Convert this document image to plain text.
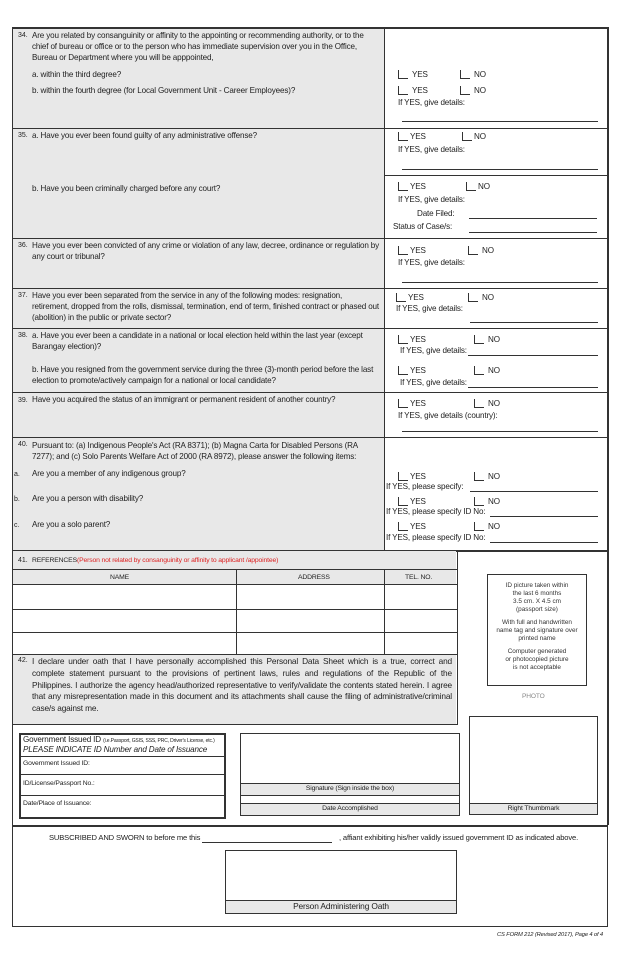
34. Are you related by consanguinity or affinity to the appointing or recommending authority, or to the chief of bureau or office or to the person who has immediate supervision over you in the Office, Bureau or Department where you will be apppointed,
a. within the third degree?
b. within the fourth degree (for Local Government Unit - Career Employees)?
YES	NO
YES	NO
If YES, give details:
35. a. Have you ever been found guilty of any administrative offense?
b. Have you been criminally charged before any court?
YES	NO
If YES, give details:
YES	NO
If YES, give details:
Date Filed:
Status of Case/s:
36. Have you ever been convicted of any crime or violation of any law, decree, ordinance or regulation by any court or tribunal?
YES	NO
If YES, give details:
37. Have you ever been separated from the service in any of the following modes: resignation, retirement, dropped from the rolls, dismissal, termination, end of term, finished contract or phased out (abolition) in the public or private sector?
YES	NO
If YES, give details:
38. a. Have you ever been a candidate in a national or local election held within the last year (except Barangay election)?
b. Have you resigned from the government service during the three (3)-month period before the last election to promote/actively campaign for a national or local candidate?
YES	NO
If YES, give details:
YES	NO
If YES, give details:
39. Have you acquired the status of an immigrant or permanent resident of another country?	YES	NO
If YES, give details (country):
40. Pursuant to: (a) Indigenous People's Act (RA 8371); (b) Magna Carta for Disabled Persons (RA 7277); and (c) Solo Parents Welfare Act of 2000 (RA 8972), please answer the following items:
a. Are you a member of any indigenous group?
b. Are you a person with disability?
c. Are you a solo parent?
YES	NO
If YES, please specify:
YES	NO
If YES, please specify ID No:
YES	NO
If YES, please specify ID No:
41. REFERENCES(Person not related by consanguinity or affinity to applicant /appointee)
NAME	ADDRESS	TEL. NO.
ID picture taken within
the last 6 months
3.5 cm. X 4.5 cm
(passport size)
With full and handwritten
name tag and signature over
printed name
Computer generated
or photocopied picture
is not acceptable
PHOTO
42. I declare under oath that I have personally accomplished this Personal Data Sheet which is a true, correct and complete statement pursuant to the provisions of pertinent laws, rules and regulations of the Republic of the Philippines. I authorize the agency head/authorized representative to verify/validate the contents stated herein. I agree that any misrepresentation made in this document and its attachments shall cause the filing of administrative/criminal case/s against me.
Government Issued ID (i.e.Passport, GSIS, SSS, PRC, Driver's License, etc.)
PLEASE INDICATE ID Number and Date of Issuance
Government Issued ID:
ID/License/Passport No.:
Date/Place of Issuance:
Signature (Sign inside the box)
Date Accomplished	Right Thumbmark
SUBSCRIBED AND SWORN to before me this	, affiant exhibiting his/her validly issued government ID as indicated above.
Person Administering Oath
CS FORM 212 (Revised 2017), Page 4 of 4
